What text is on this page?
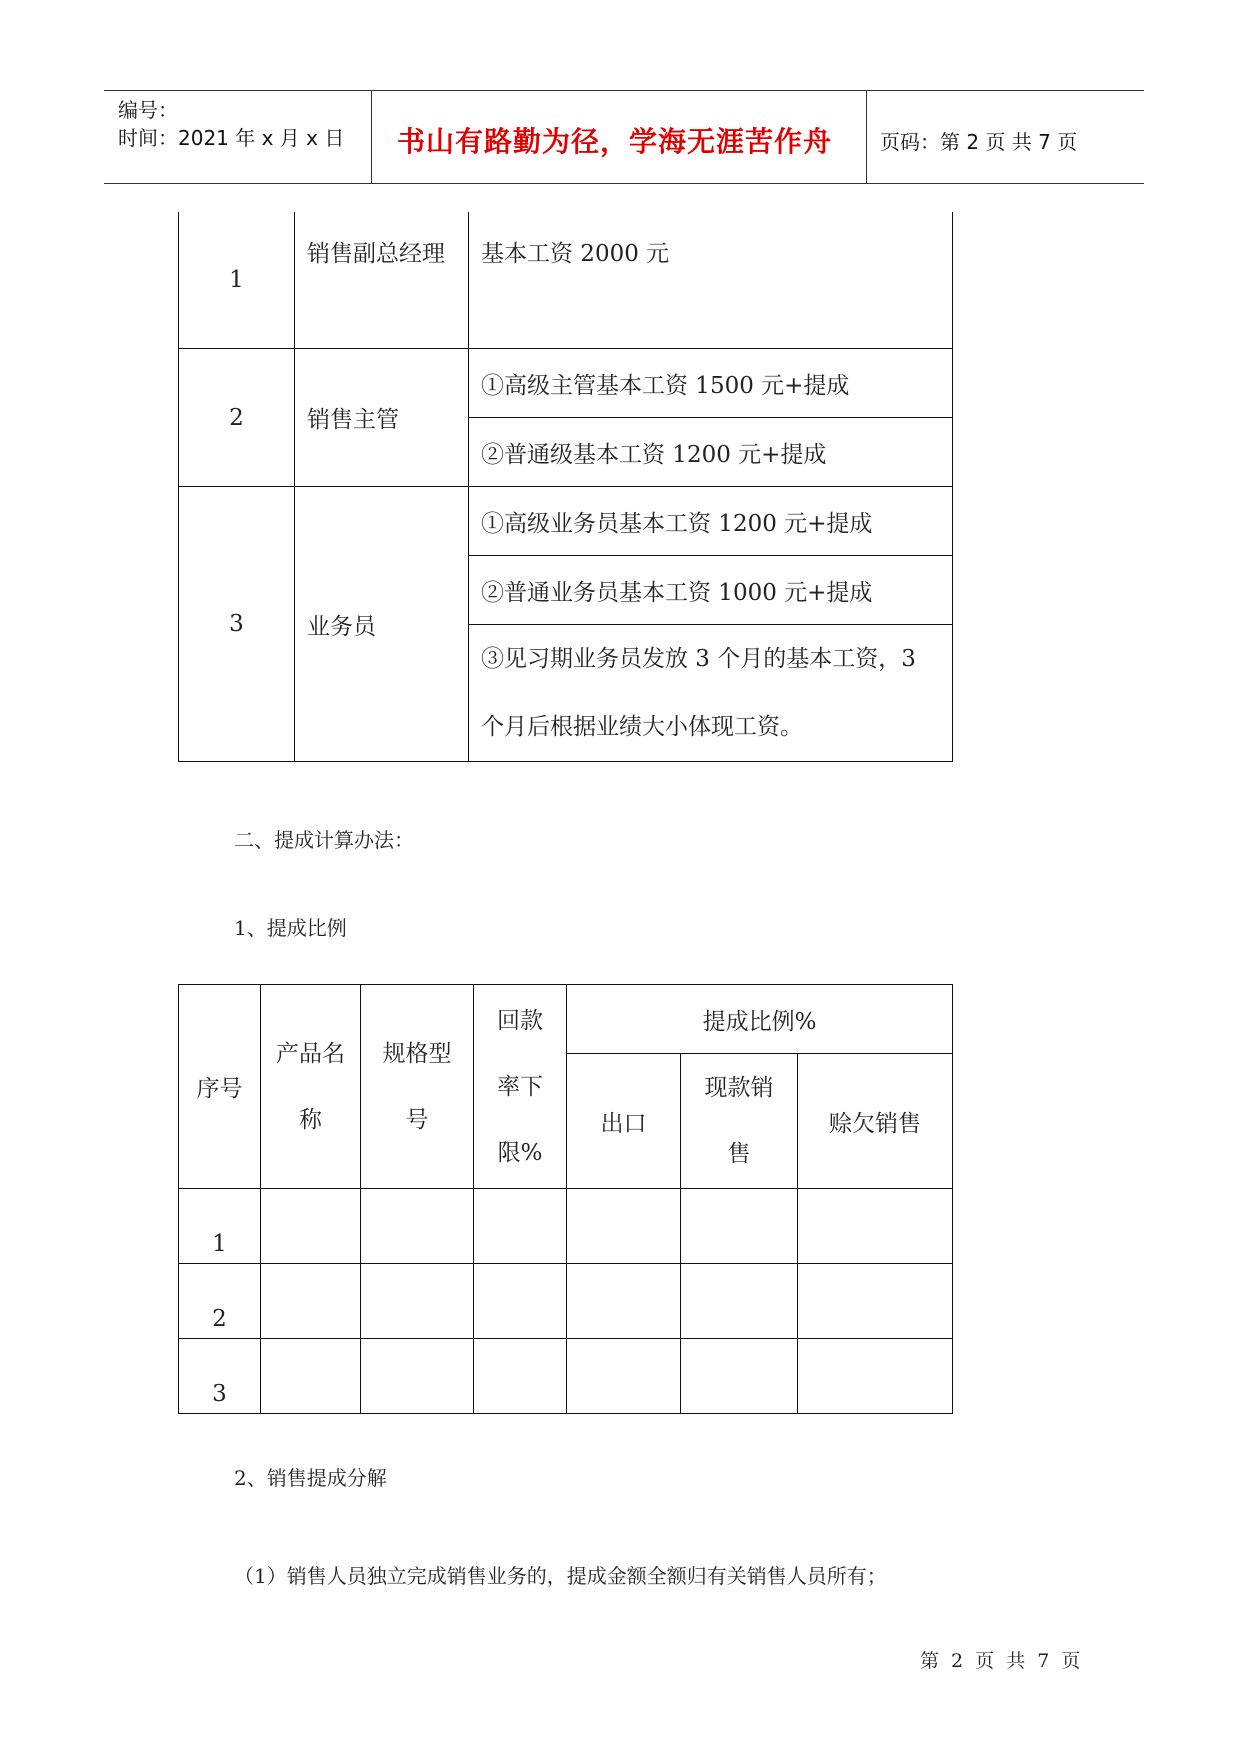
编号：
时间：2021 年 x 月 x 日 书山有路勤为径，学海无涯苦作舟 页码：第 2 页 共 7 页
1	销售副总经理	基本工资 2000 元

2	销售主管	①高级主管基本工资 1500 元+提成
		②普通级基本工资 1200 元+提成
3	业务员	①高级业务员基本工资 1200 元+提成
		②普通业务员基本工资 1000 元+提成

		③见习期业务员发放 3 个月的基本工资，3 个月后根据业绩大小体现工资。
二、提成计算办法：
1、提成比例
序号	产品名称	规格型号	回款率下限%	提成比例%		
				出口	现款销售	赊欠销售
1						
2						
3						
2、销售提成分解
（1）销售人员独立完成销售业务的，提成金额全额归有关销售人员所有；
第 2 页 共 7 页
